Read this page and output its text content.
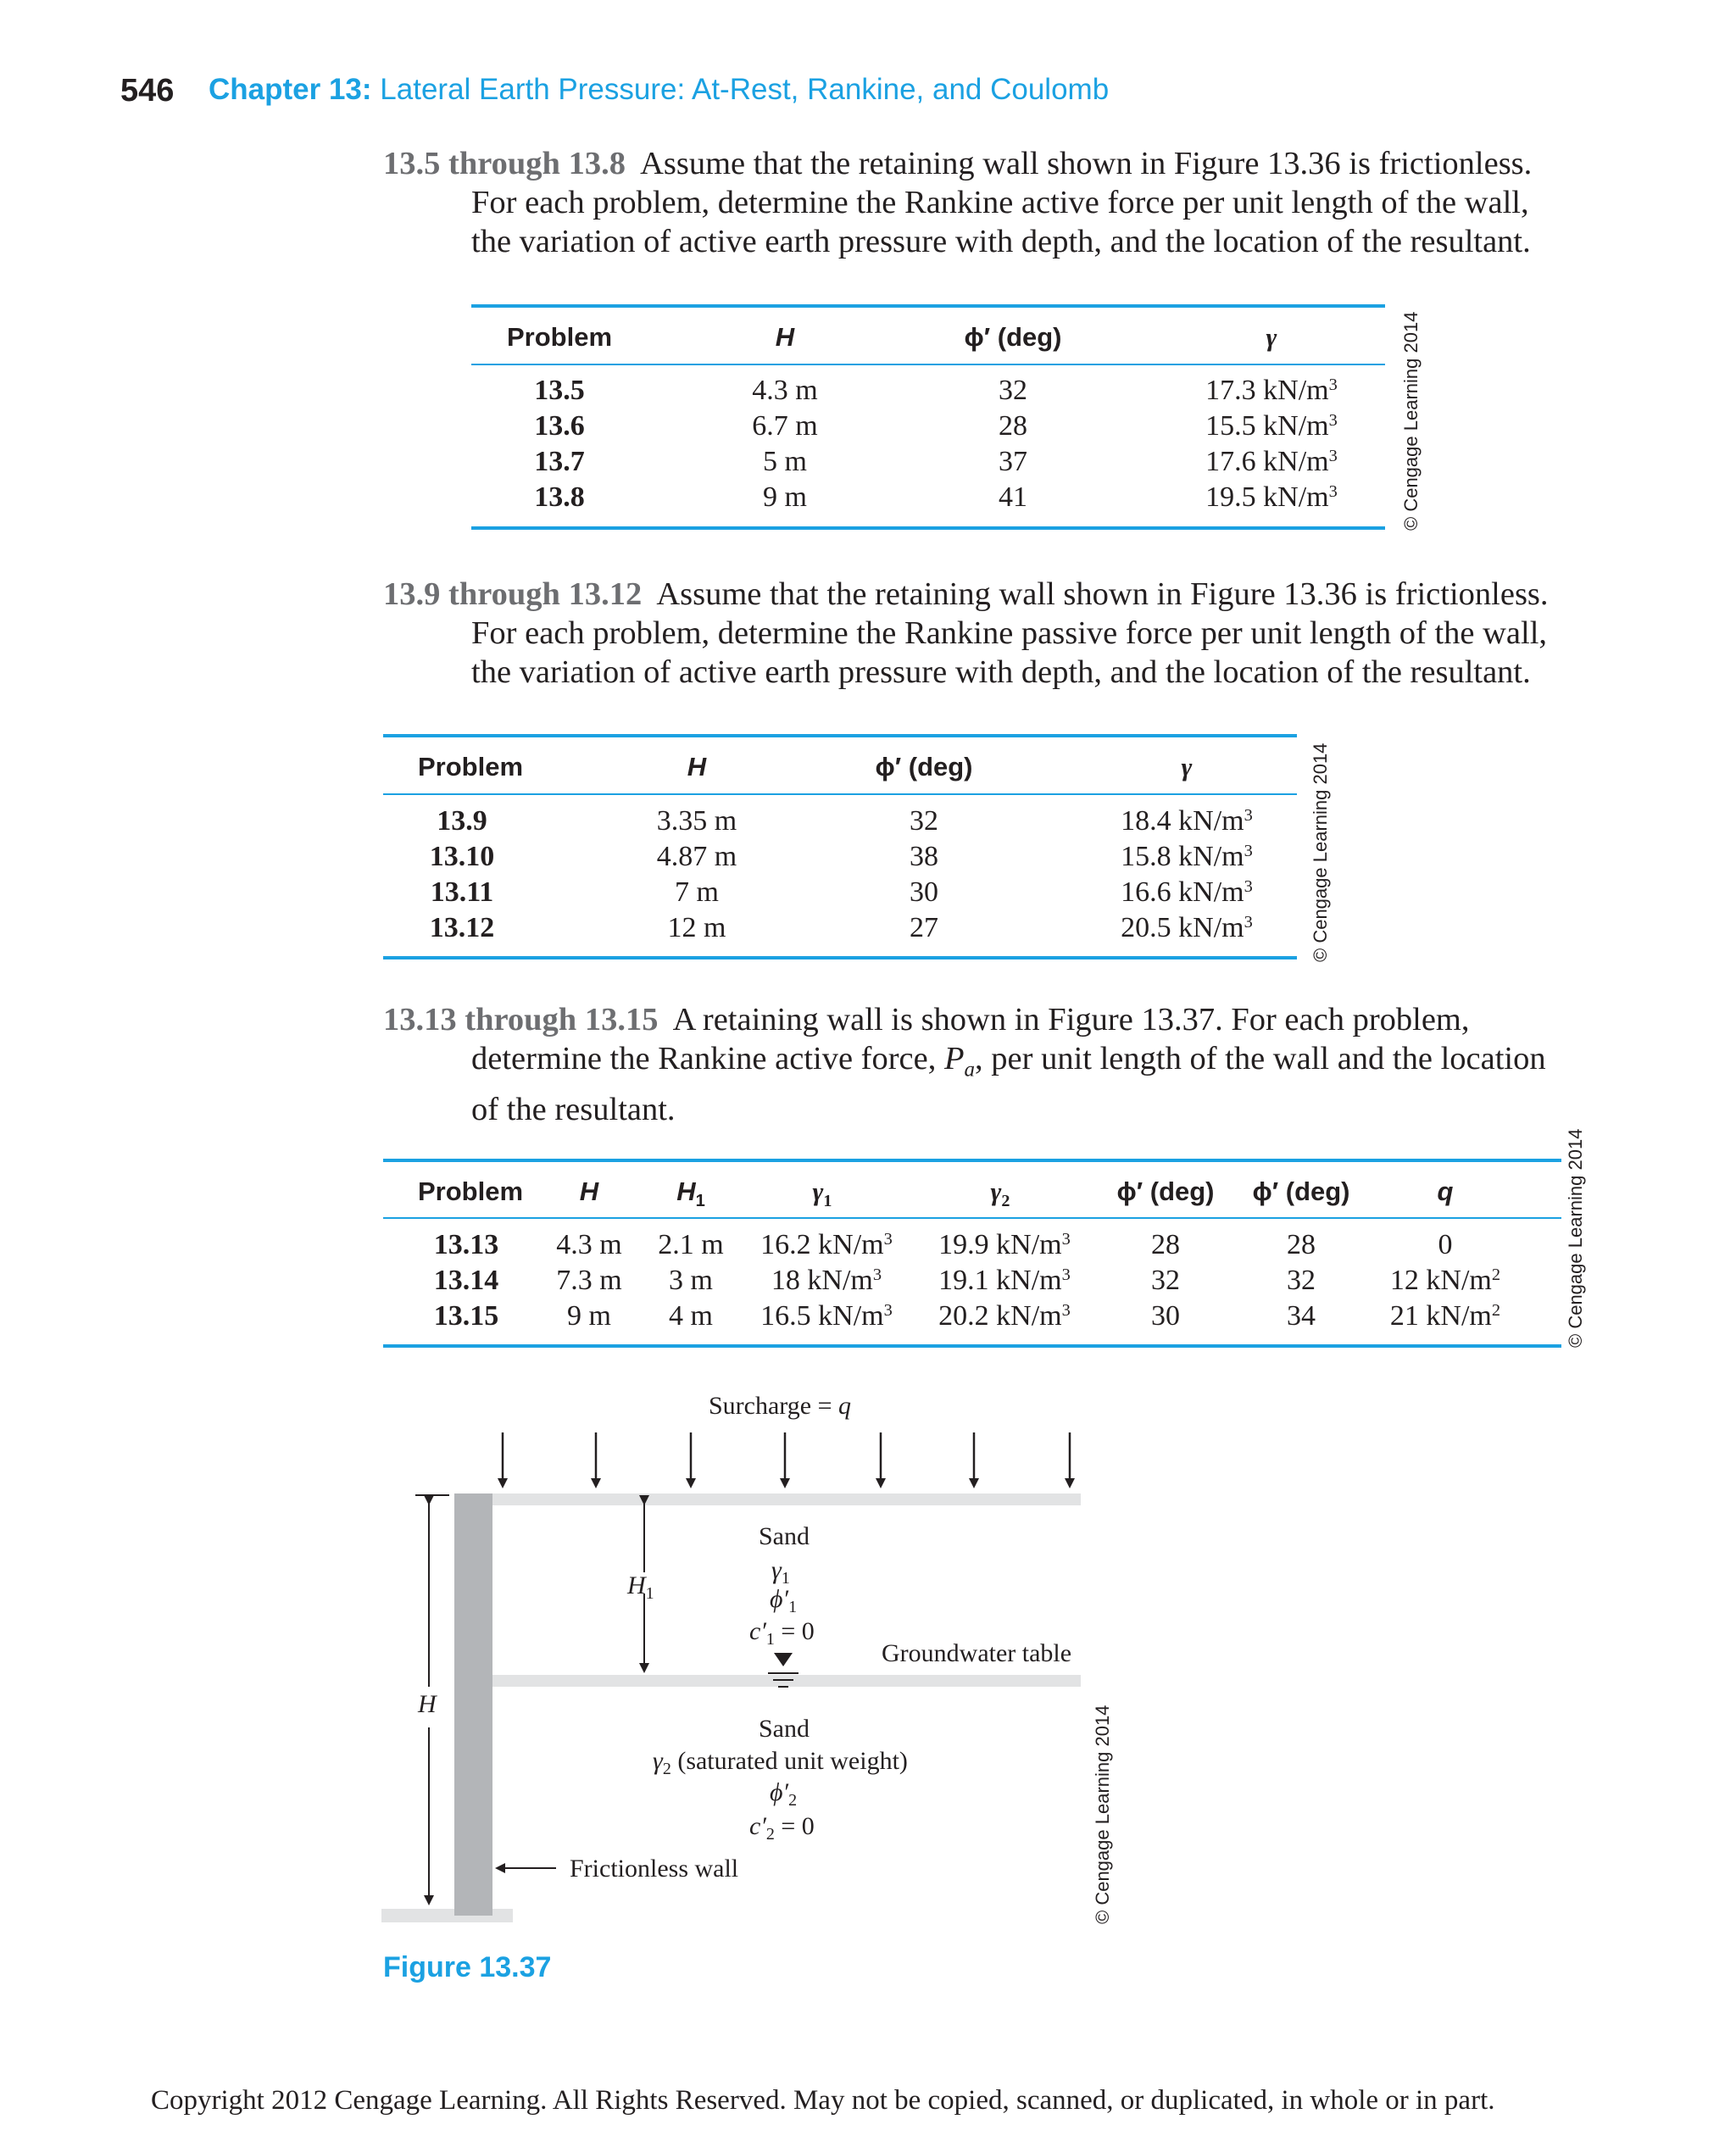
546 Chapter 13: Lateral Earth Pressure: At-Rest, Rankine, and Coulomb
13.5 through 13.8 Assume that the retaining wall shown in Figure 13.36 is frictionless.
For each problem, determine the Rankine active force per unit length of the wall,
the variation of active earth pressure with depth, and the location of the resultant.
Problem	H	ϕ′ (deg)	γ
13.5	4.3 m	32	17.3 $kN/m^3$
13.6	6.7 m	28	15.5 $kN/m^3$
13.7	5 m	37	17.6 $kN/m^3$
13.8	9 m	41	19.5 $kN/m^3$	© Cengage Learning 2014
13.9 through 13.12 Assume that the retaining wall shown in Figure 13.36 is frictionless.
For each problem, determine the Rankine passive force per unit length of the wall,
the variation of active earth pressure with depth, and the location of the resultant.
Problem	H	ϕ′ (deg)	γ
13.9	3.35 m	32	18.4 $kN/m^3$
13.10	4.87 m	38	15.8 $kN/m^3$
13.11	7 m	30	16.6 $kN/m^3$
13.12	12 m	27	20.5 $kN/m^3$	© Cengage Learning 2014
13.13 through 13.15 A retaining wall is shown in Figure 13.37. For each problem,
determine the Rankine active force, $P_a$, per unit length of the wall and the location
of the resultant.
Problem	H	$H_1$	$\gamma_1$	$\gamma_2$	ϕ′ (deg)	ϕ′ (deg)	q
13.13	4.3 m	2.1 m	16.2 $kN/m^3$	19.9 $kN/m^3$	28	28	0
13.14	7.3 m	3 m	18 $kN/m^3$	19.1 $kN/m^3$	32	32	12 $kN/m^2$
13.15	9 m	4 m	16.5 $kN/m^3$	20.2 $kN/m^3$	30	34	21 $kN/m^2$	© Cengage Learning 2014
H
$H_1$
Surcharge = q
Sand
$\gamma_1$
$\phi'_1$
$c'_1 = 0$
Groundwater table
Sand
$\gamma_2$ (saturated unit weight)
$\phi'_2$
$c'_2 = 0$
Frictionless wall	© Cengage Learning 2014
Figure 13.37
Copyright 2012 Cengage Learning. All Rights Reserved. May not be copied, scanned, or duplicated, in whole or in part.
